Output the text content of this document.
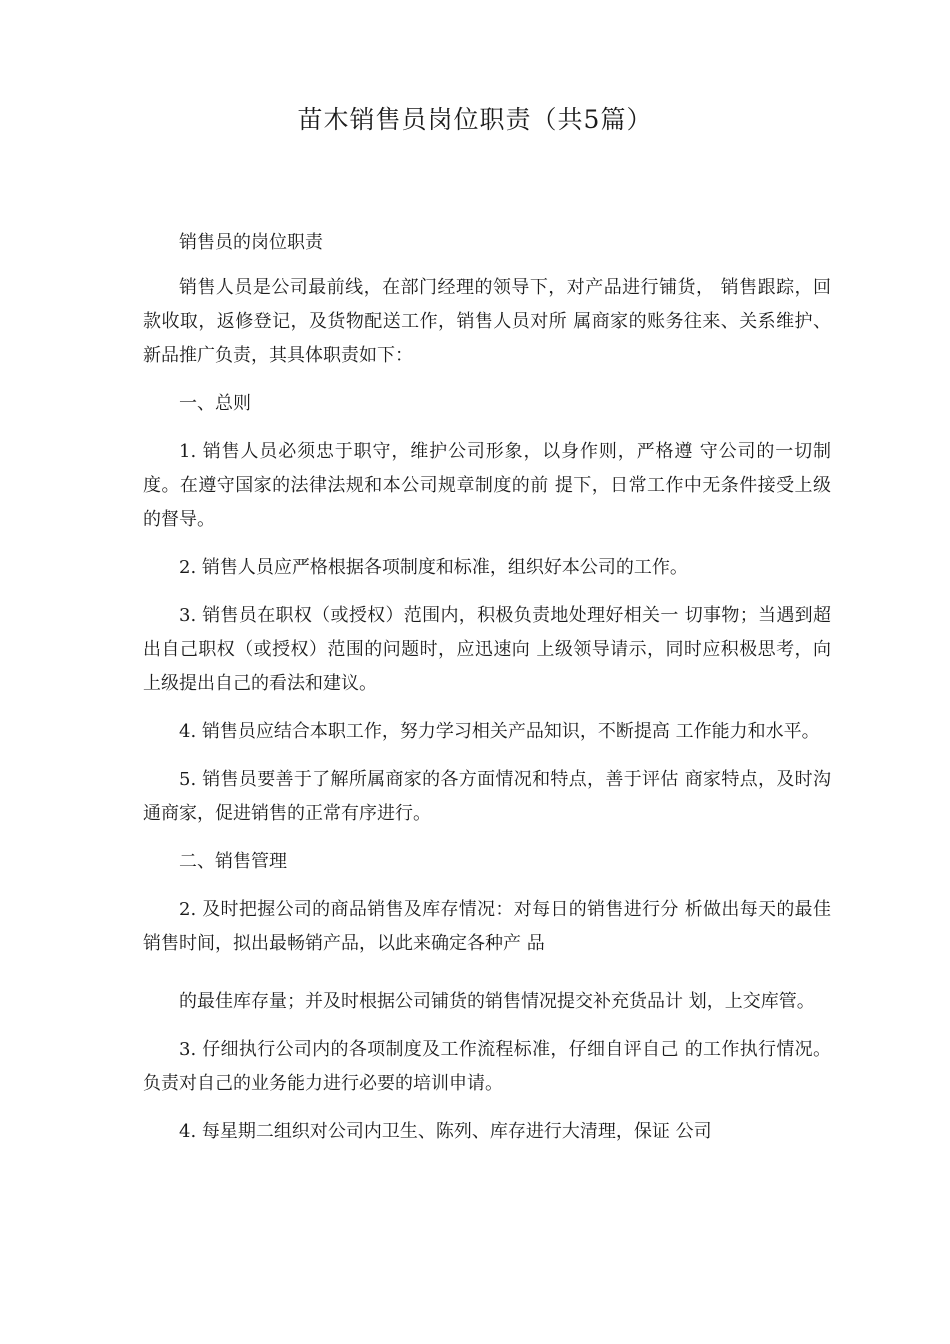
苗木销售员岗位职责（共5篇）

销售员的岗位职责

销售人员是公司最前线，在部门经理的领导下，对产品进行铺货， 销售跟踪，回款收取，返修登记，及货物配送工作，销售人员对所 属商家的账务往来、关系维护、新品推广负责，其具体职责如下：

一、总则

1. 销售人员必须忠于职守，维护公司形象，以身作则，严格遵 守公司的一切制度。在遵守国家的法律法规和本公司规章制度的前 提下，日常工作中无条件接受上级的督导。

2. 销售人员应严格根据各项制度和标准，组织好本公司的工作。

3. 销售员在职权（或授权）范围内，积极负责地处理好相关一 切事物；当遇到超出自己职权（或授权）范围的问题时，应迅速向 上级领导请示，同时应积极思考，向上级提出自己的看法和建议。

4. 销售员应结合本职工作，努力学习相关产品知识，不断提高 工作能力和水平。

5. 销售员要善于了解所属商家的各方面情况和特点，善于评估 商家特点，及时沟通商家，促进销售的正常有序进行。

二、销售管理

2. 及时把握公司的商品销售及库存情况：对每日的销售进行分 析做出每天的最佳销售时间，拟出最畅销产品，以此来确定各种产 品

的最佳库存量；并及时根据公司铺货的销售情况提交补充货品计 划，上交库管。

3. 仔细执行公司内的各项制度及工作流程标准，仔细自评自己 的工作执行情况。负责对自己的业务能力进行必要的培训申请。

4. 每星期二组织对公司内卫生、陈列、库存进行大清理，保证 公司
